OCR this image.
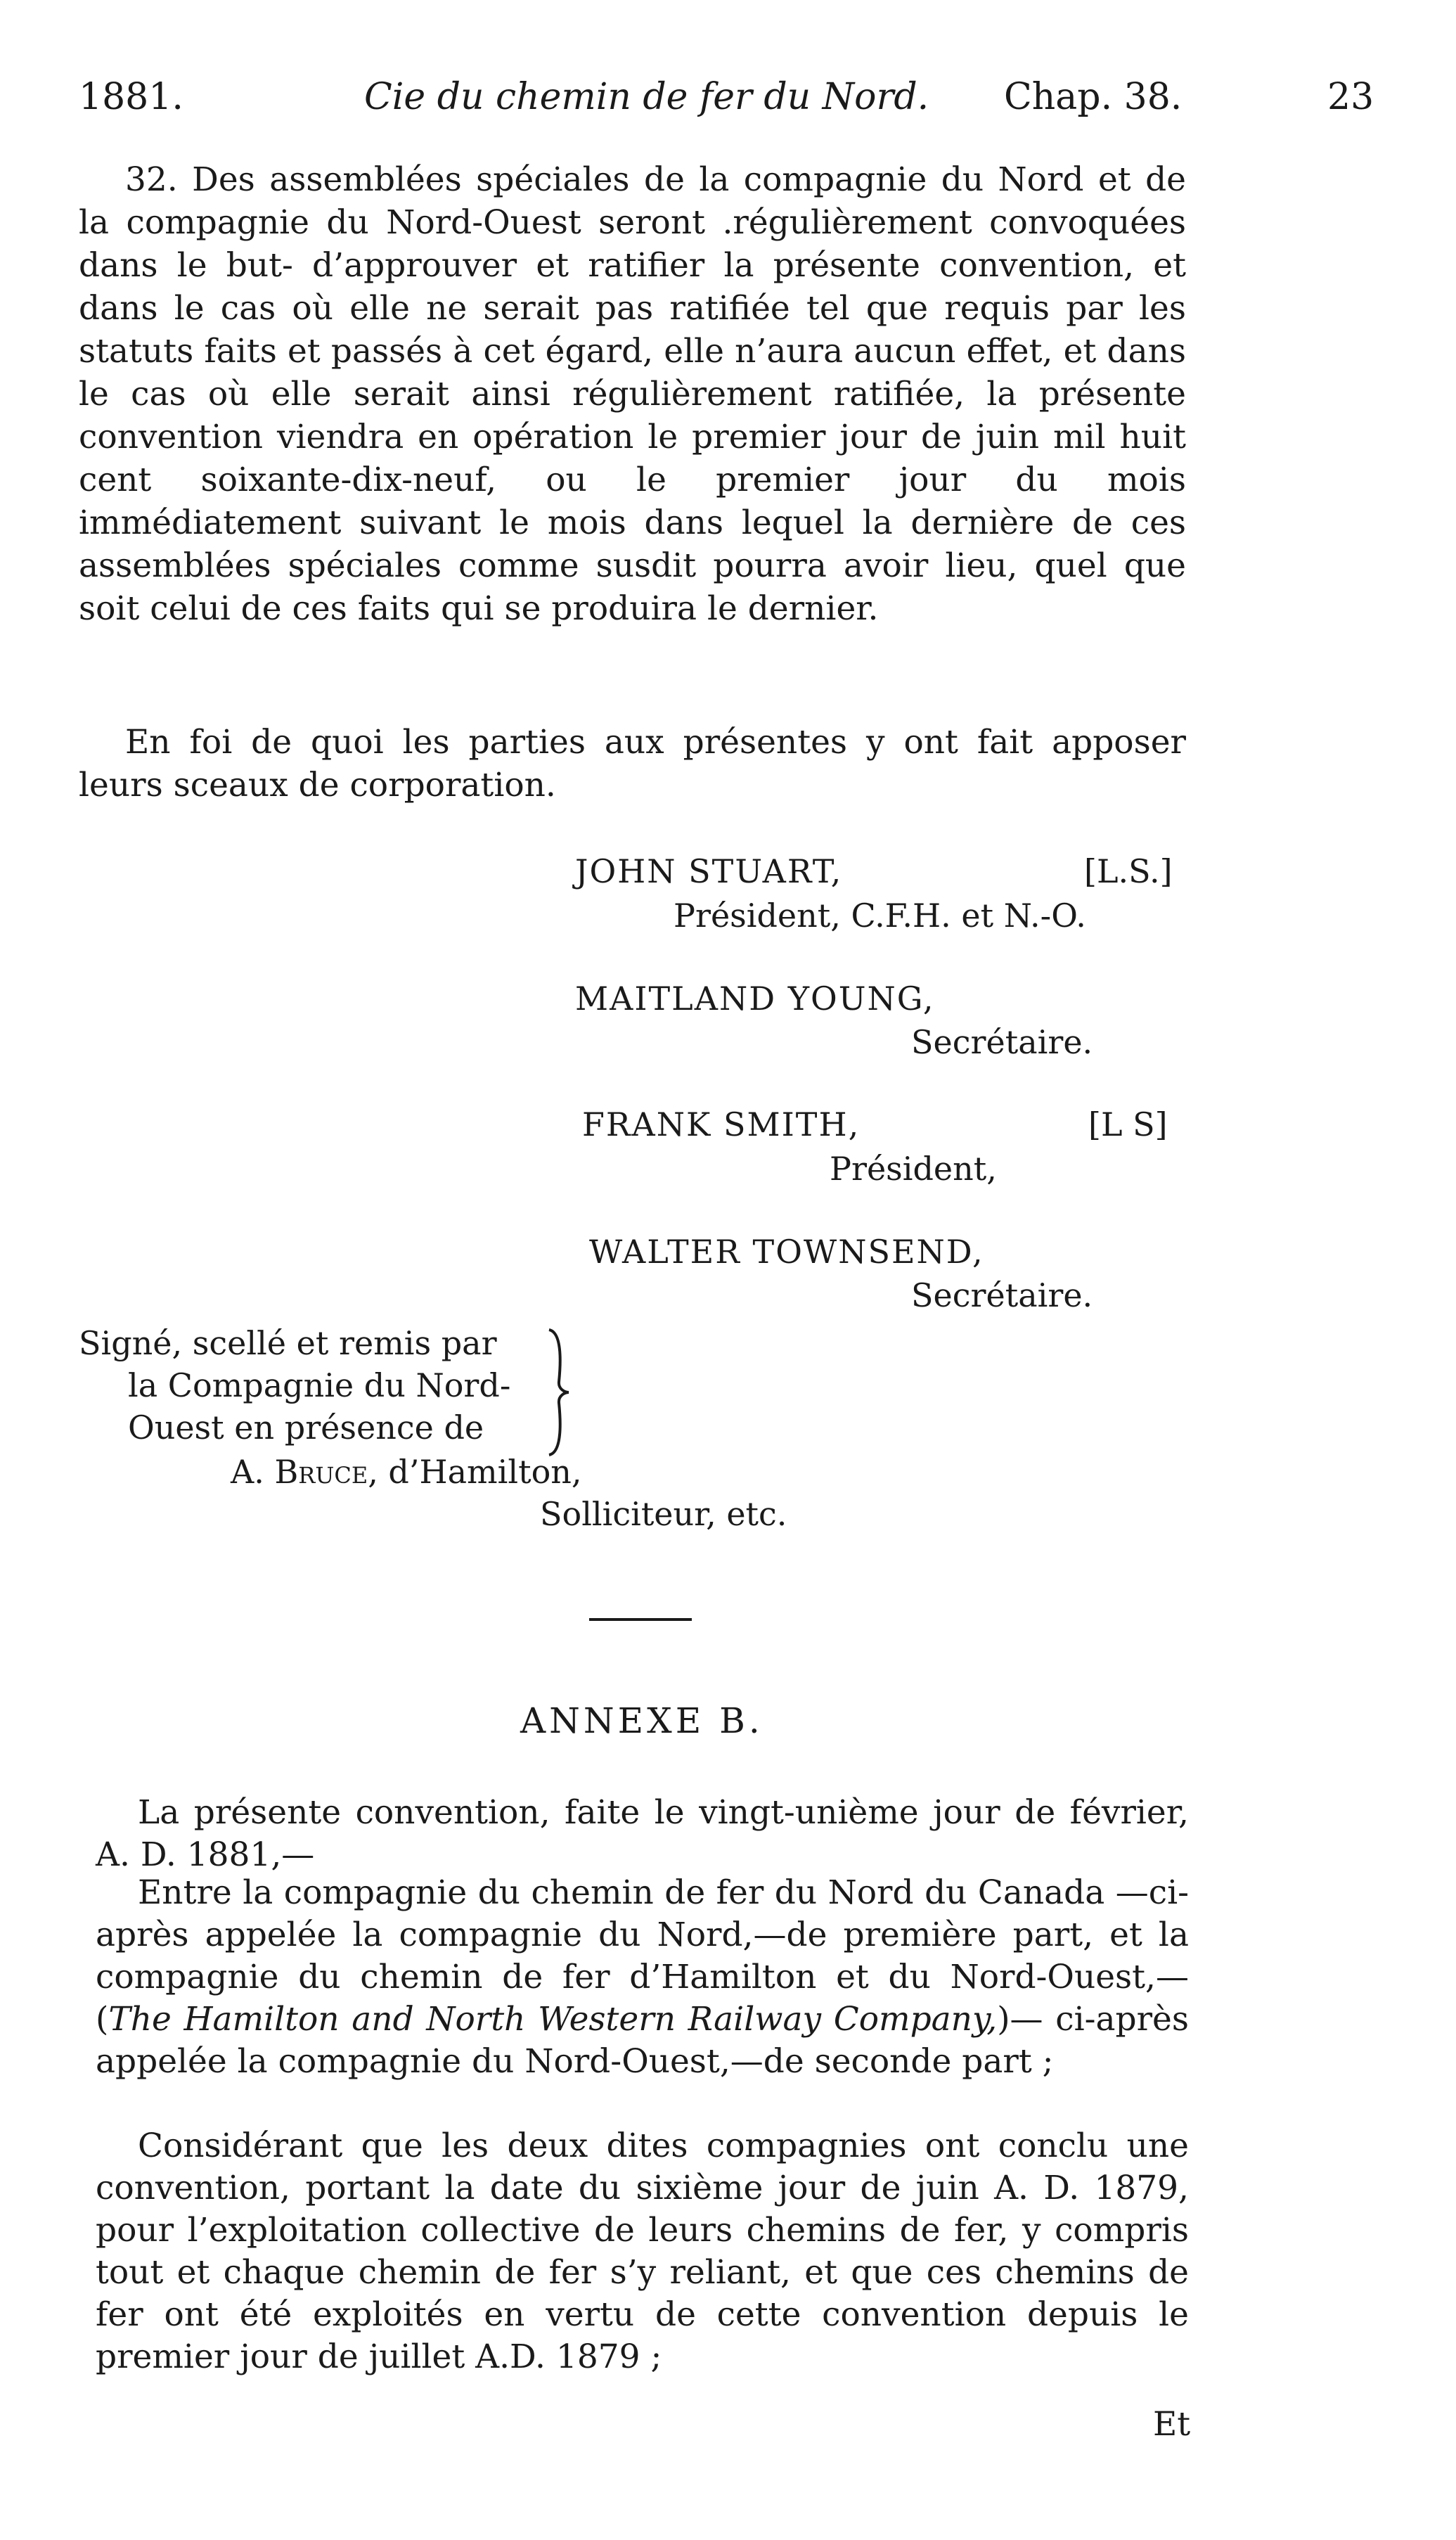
1881.	Cie du chemin de fer du Nord. Chap. 38.	23

32. Des assemblées spéciales de la compagnie du Nord et de la compagnie du Nord-Ouest seront .régulièrement convoquées dans le but- d’approuver et ratifier la présente convention, et dans le cas où elle ne serait pas ratifiée tel que requis par les statuts faits et passés à cet égard, elle n’aura aucun effet, et dans le cas où elle serait ainsi régulièrement ratifiée, la présente convention viendra en opération le premier jour de juin mil huit cent soixante-dix-neuf, ou le premier jour du mois immédiatement suivant le mois dans lequel la dernière de ces assemblées spéciales comme susdit pourra avoir lieu, quel que soit celui de ces faits qui se produira le dernier.

En foi de quoi les parties aux présentes y ont fait apposer leurs sceaux de corporation.

JOHN STUART,	[L.S.]
Président, C.F.H. et N.-O.
MAITLAND YOUNG,
Secrétaire.
FRANK SMITH,	[L S]
Président,
WALTER TOWNSEND,
Secrétaire.
Signé, scellé et remis par
la Compagnie du Nord-
Ouest en présence de
A. Bruce, d’Hamilton,
Solliciteur, etc.
ANNEXE B.

La présente convention, faite le vingt-unième jour de février, A. D. 1881,—

Entre la compagnie du chemin de fer du Nord du Canada —ci-après appelée la compagnie du Nord,—de première part, et la compagnie du chemin de fer d’Hamilton et du Nord-Ouest,—(The Hamilton and North Western Railway Company,)— ci-après appelée la compagnie du Nord-Ouest,—de seconde part ;

Considérant que les deux dites compagnies ont conclu une convention, portant la date du sixième jour de juin A. D. 1879, pour l’exploitation collective de leurs chemins de fer, y compris tout et chaque chemin de fer s’y reliant, et que ces chemins de fer ont été exploités en vertu de cette convention depuis le premier jour de juillet A.D. 1879 ;

Et
